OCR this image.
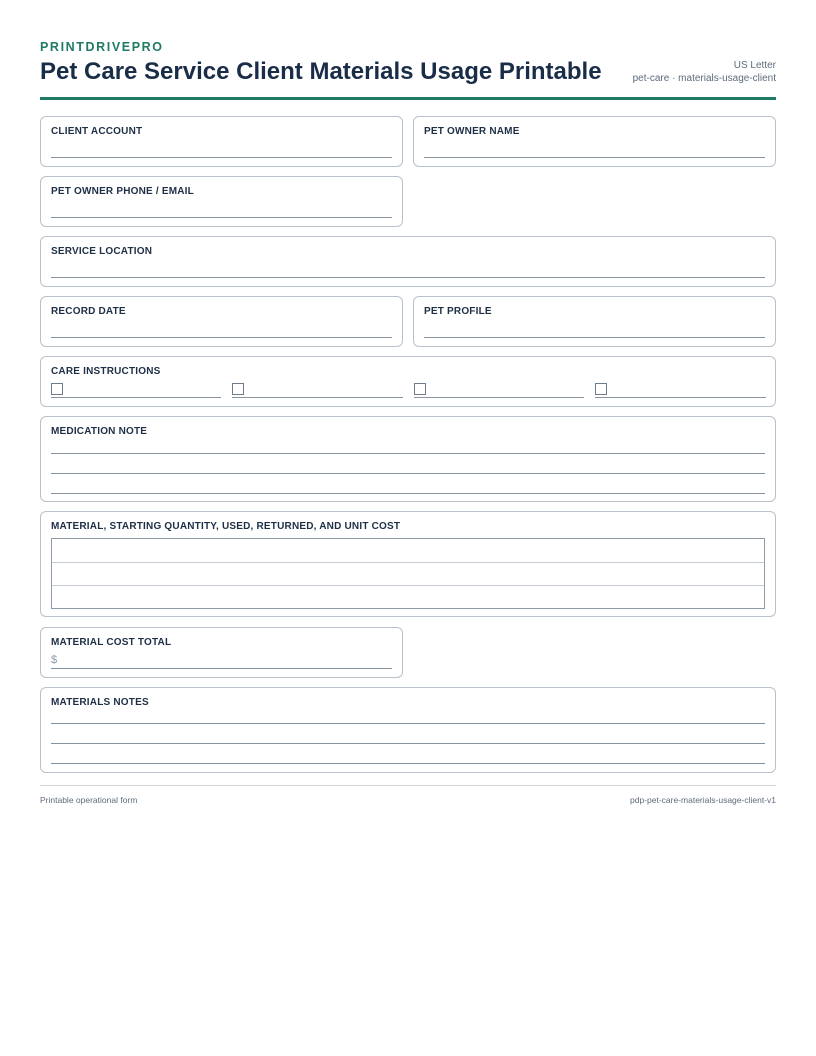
PRINTDRIVEPRO
Pet Care Service Client Materials Usage Printable	US Letter
pet-care · materials-usage-client
CLIENT ACCOUNT	PET OWNER NAME
PET OWNER PHONE / EMAIL
SERVICE LOCATION
RECORD DATE	PET PROFILE
CARE INSTRUCTIONS
MEDICATION NOTE
MATERIAL, STARTING QUANTITY, USED, RETURNED, AND UNIT COST
MATERIAL COST TOTAL
$
MATERIALS NOTES
Printable operational form	pdp-pet-care-materials-usage-client-v1
